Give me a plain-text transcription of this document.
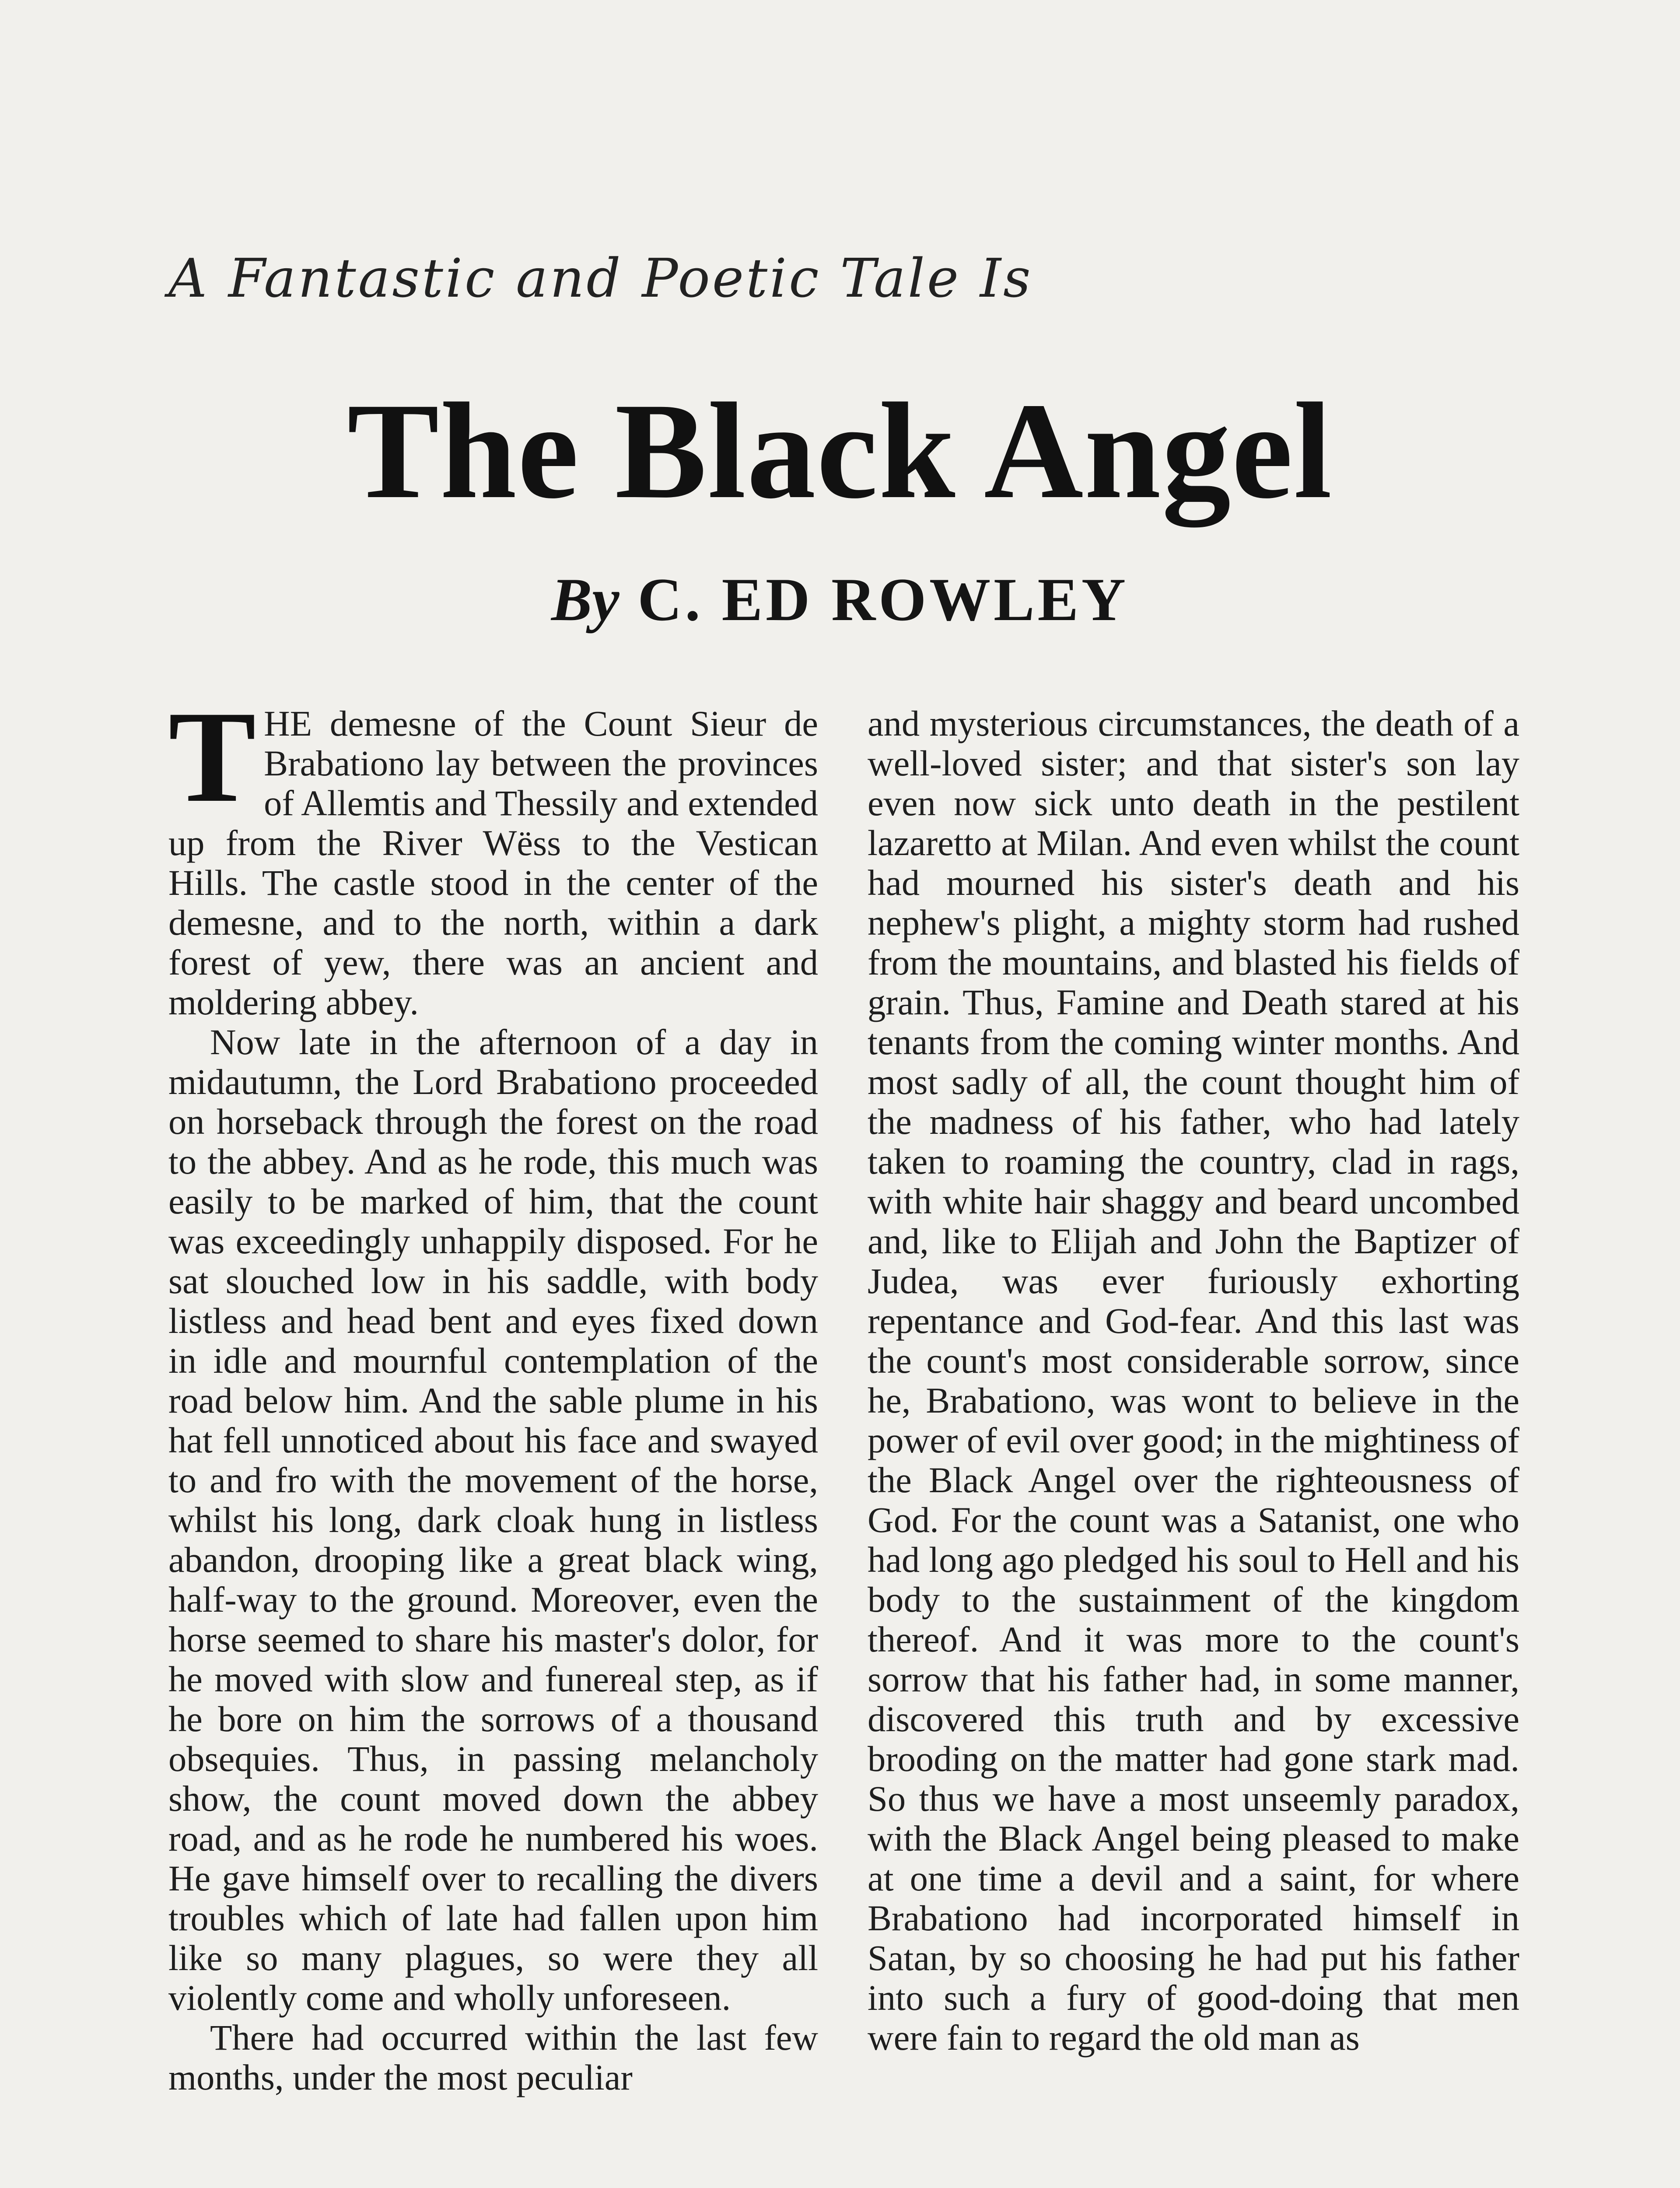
A Fantastic and Poetic Tale Is

The Black Angel

By C. ED ROWLEY

THE demesne of the Count Sieur de Brabationo lay between the provinces of Allemtis and Thessily and extended up from the River Wëss to the Vestican Hills. The castle stood in the center of the demesne, and to the north, within a dark forest of yew, there was an ancient and moldering abbey.

Now late in the afternoon of a day in midautumn, the Lord Brabationo proceeded on horseback through the forest on the road to the abbey. And as he rode, this much was easily to be marked of him, that the count was exceedingly unhappily disposed. For he sat slouched low in his saddle, with body listless and head bent and eyes fixed down in idle and mournful contemplation of the road below him. And the sable plume in his hat fell unnoticed about his face and swayed to and fro with the movement of the horse, whilst his long, dark cloak hung in listless abandon, drooping like a great black wing, half-way to the ground. Moreover, even the horse seemed to share his master's dolor, for he moved with slow and funereal step, as if he bore on him the sorrows of a thousand obsequies. Thus, in passing melancholy show, the count moved down the abbey road, and as he rode he numbered his woes. He gave himself over to recalling the divers troubles which of late had fallen upon him like so many plagues, so were they all violently come and wholly unforeseen.

There had occurred within the last few months, under the most peculiar

and mysterious circumstances, the death of a well-loved sister; and that sister's son lay even now sick unto death in the pestilent lazaretto at Milan. And even whilst the count had mourned his sister's death and his nephew's plight, a mighty storm had rushed from the mountains, and blasted his fields of grain. Thus, Famine and Death stared at his tenants from the coming winter months. And most sadly of all, the count thought him of the madness of his father, who had lately taken to roaming the country, clad in rags, with white hair shaggy and beard uncombed and, like to Elijah and John the Baptizer of Judea, was ever furiously exhorting repentance and God-fear. And this last was the count's most considerable sorrow, since he, Brabationo, was wont to believe in the power of evil over good; in the mightiness of the Black Angel over the righteousness of God. For the count was a Satanist, one who had long ago pledged his soul to Hell and his body to the sustainment of the kingdom thereof. And it was more to the count's sorrow that his father had, in some manner, discovered this truth and by excessive brooding on the matter had gone stark mad. So thus we have a most unseemly paradox, with the Black Angel being pleased to make at one time a devil and a saint, for where Brabationo had incorporated himself in Satan, by so choosing he had put his father into such a fury of good-doing that men were fain to regard the old man as
